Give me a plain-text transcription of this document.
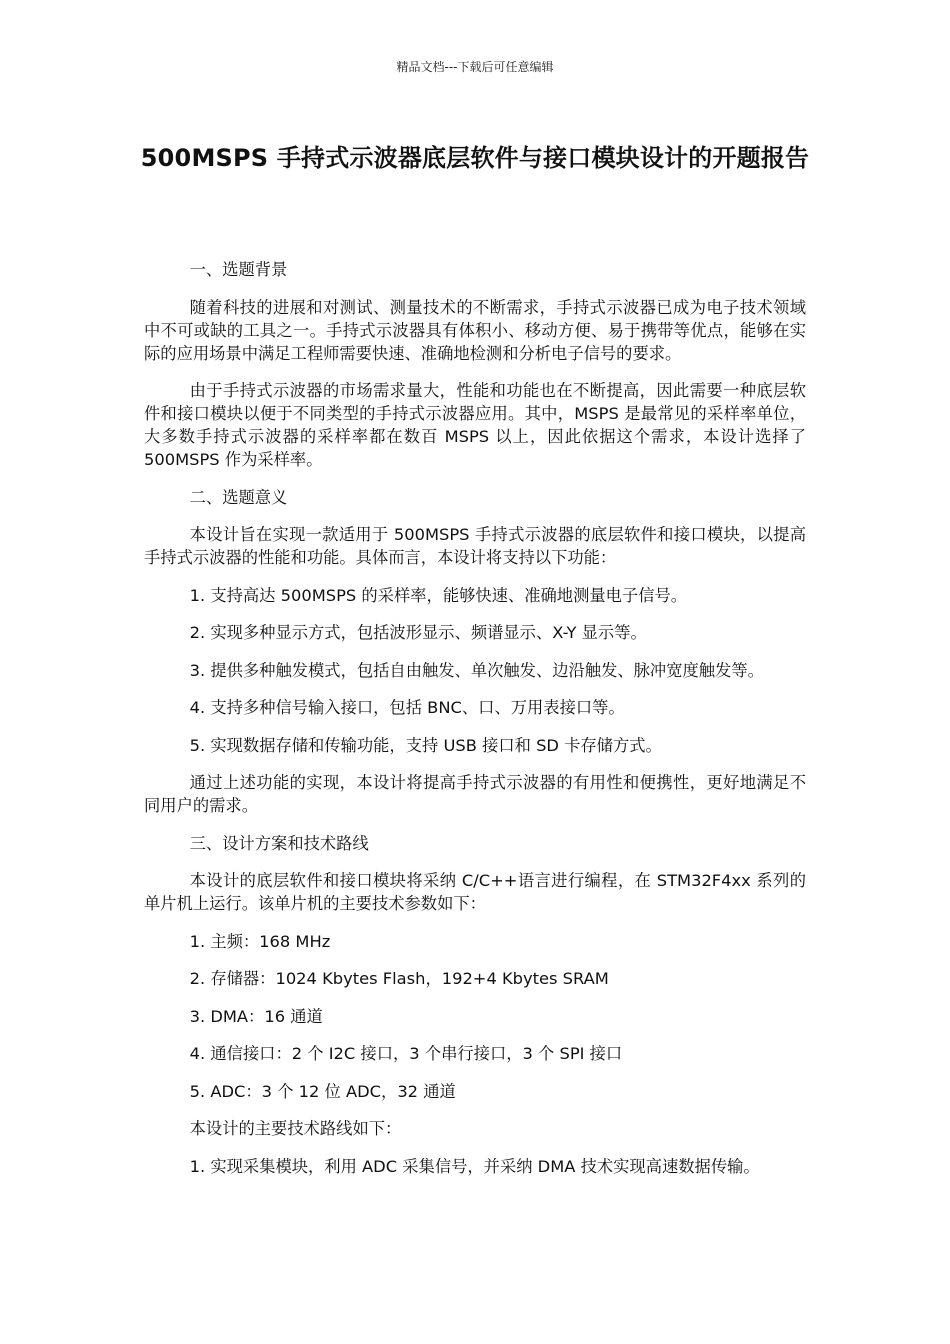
精品文档---下载后可任意编辑
500MSPS 手持式示波器底层软件与接口模块设计的开题报告

一、选题背景

随着科技的进展和对测试、测量技术的不断需求，手持式示波器已成为电子技术领域中不可或缺的工具之一。手持式示波器具有体积小、移动方便、易于携带等优点，能够在实际的应用场景中满足工程师需要快速、准确地检测和分析电子信号的要求。

由于手持式示波器的市场需求量大，性能和功能也在不断提高，因此需要一种底层软件和接口模块以便于不同类型的手持式示波器应用。其中，MSPS 是最常见的采样率单位，大多数手持式示波器的采样率都在数百 MSPS 以上，因此依据这个需求，本设计选择了 500MSPS 作为采样率。

二、选题意义

本设计旨在实现一款适用于 500MSPS 手持式示波器的底层软件和接口模块，以提高手持式示波器的性能和功能。具体而言，本设计将支持以下功能：

1. 支持高达 500MSPS 的采样率，能够快速、准确地测量电子信号。

2. 实现多种显示方式，包括波形显示、频谱显示、X-Y 显示等。

3. 提供多种触发模式，包括自由触发、单次触发、边沿触发、脉冲宽度触发等。

4. 支持多种信号输入接口，包括 BNC、口、万用表接口等。

5. 实现数据存储和传输功能，支持 USB 接口和 SD 卡存储方式。

通过上述功能的实现，本设计将提高手持式示波器的有用性和便携性，更好地满足不同用户的需求。

三、设计方案和技术路线

本设计的底层软件和接口模块将采纳 C/C++语言进行编程，在 STM32F4xx 系列的单片机上运行。该单片机的主要技术参数如下：

1. 主频：168 MHz

2. 存储器：1024 Kbytes Flash，192+4 Kbytes SRAM

3. DMA：16 通道

4. 通信接口：2 个 I2C 接口，3 个串行接口，3 个 SPI 接口

5. ADC：3 个 12 位 ADC，32 通道

本设计的主要技术路线如下：

1. 实现采集模块，利用 ADC 采集信号，并采纳 DMA 技术实现高速数据传输。
